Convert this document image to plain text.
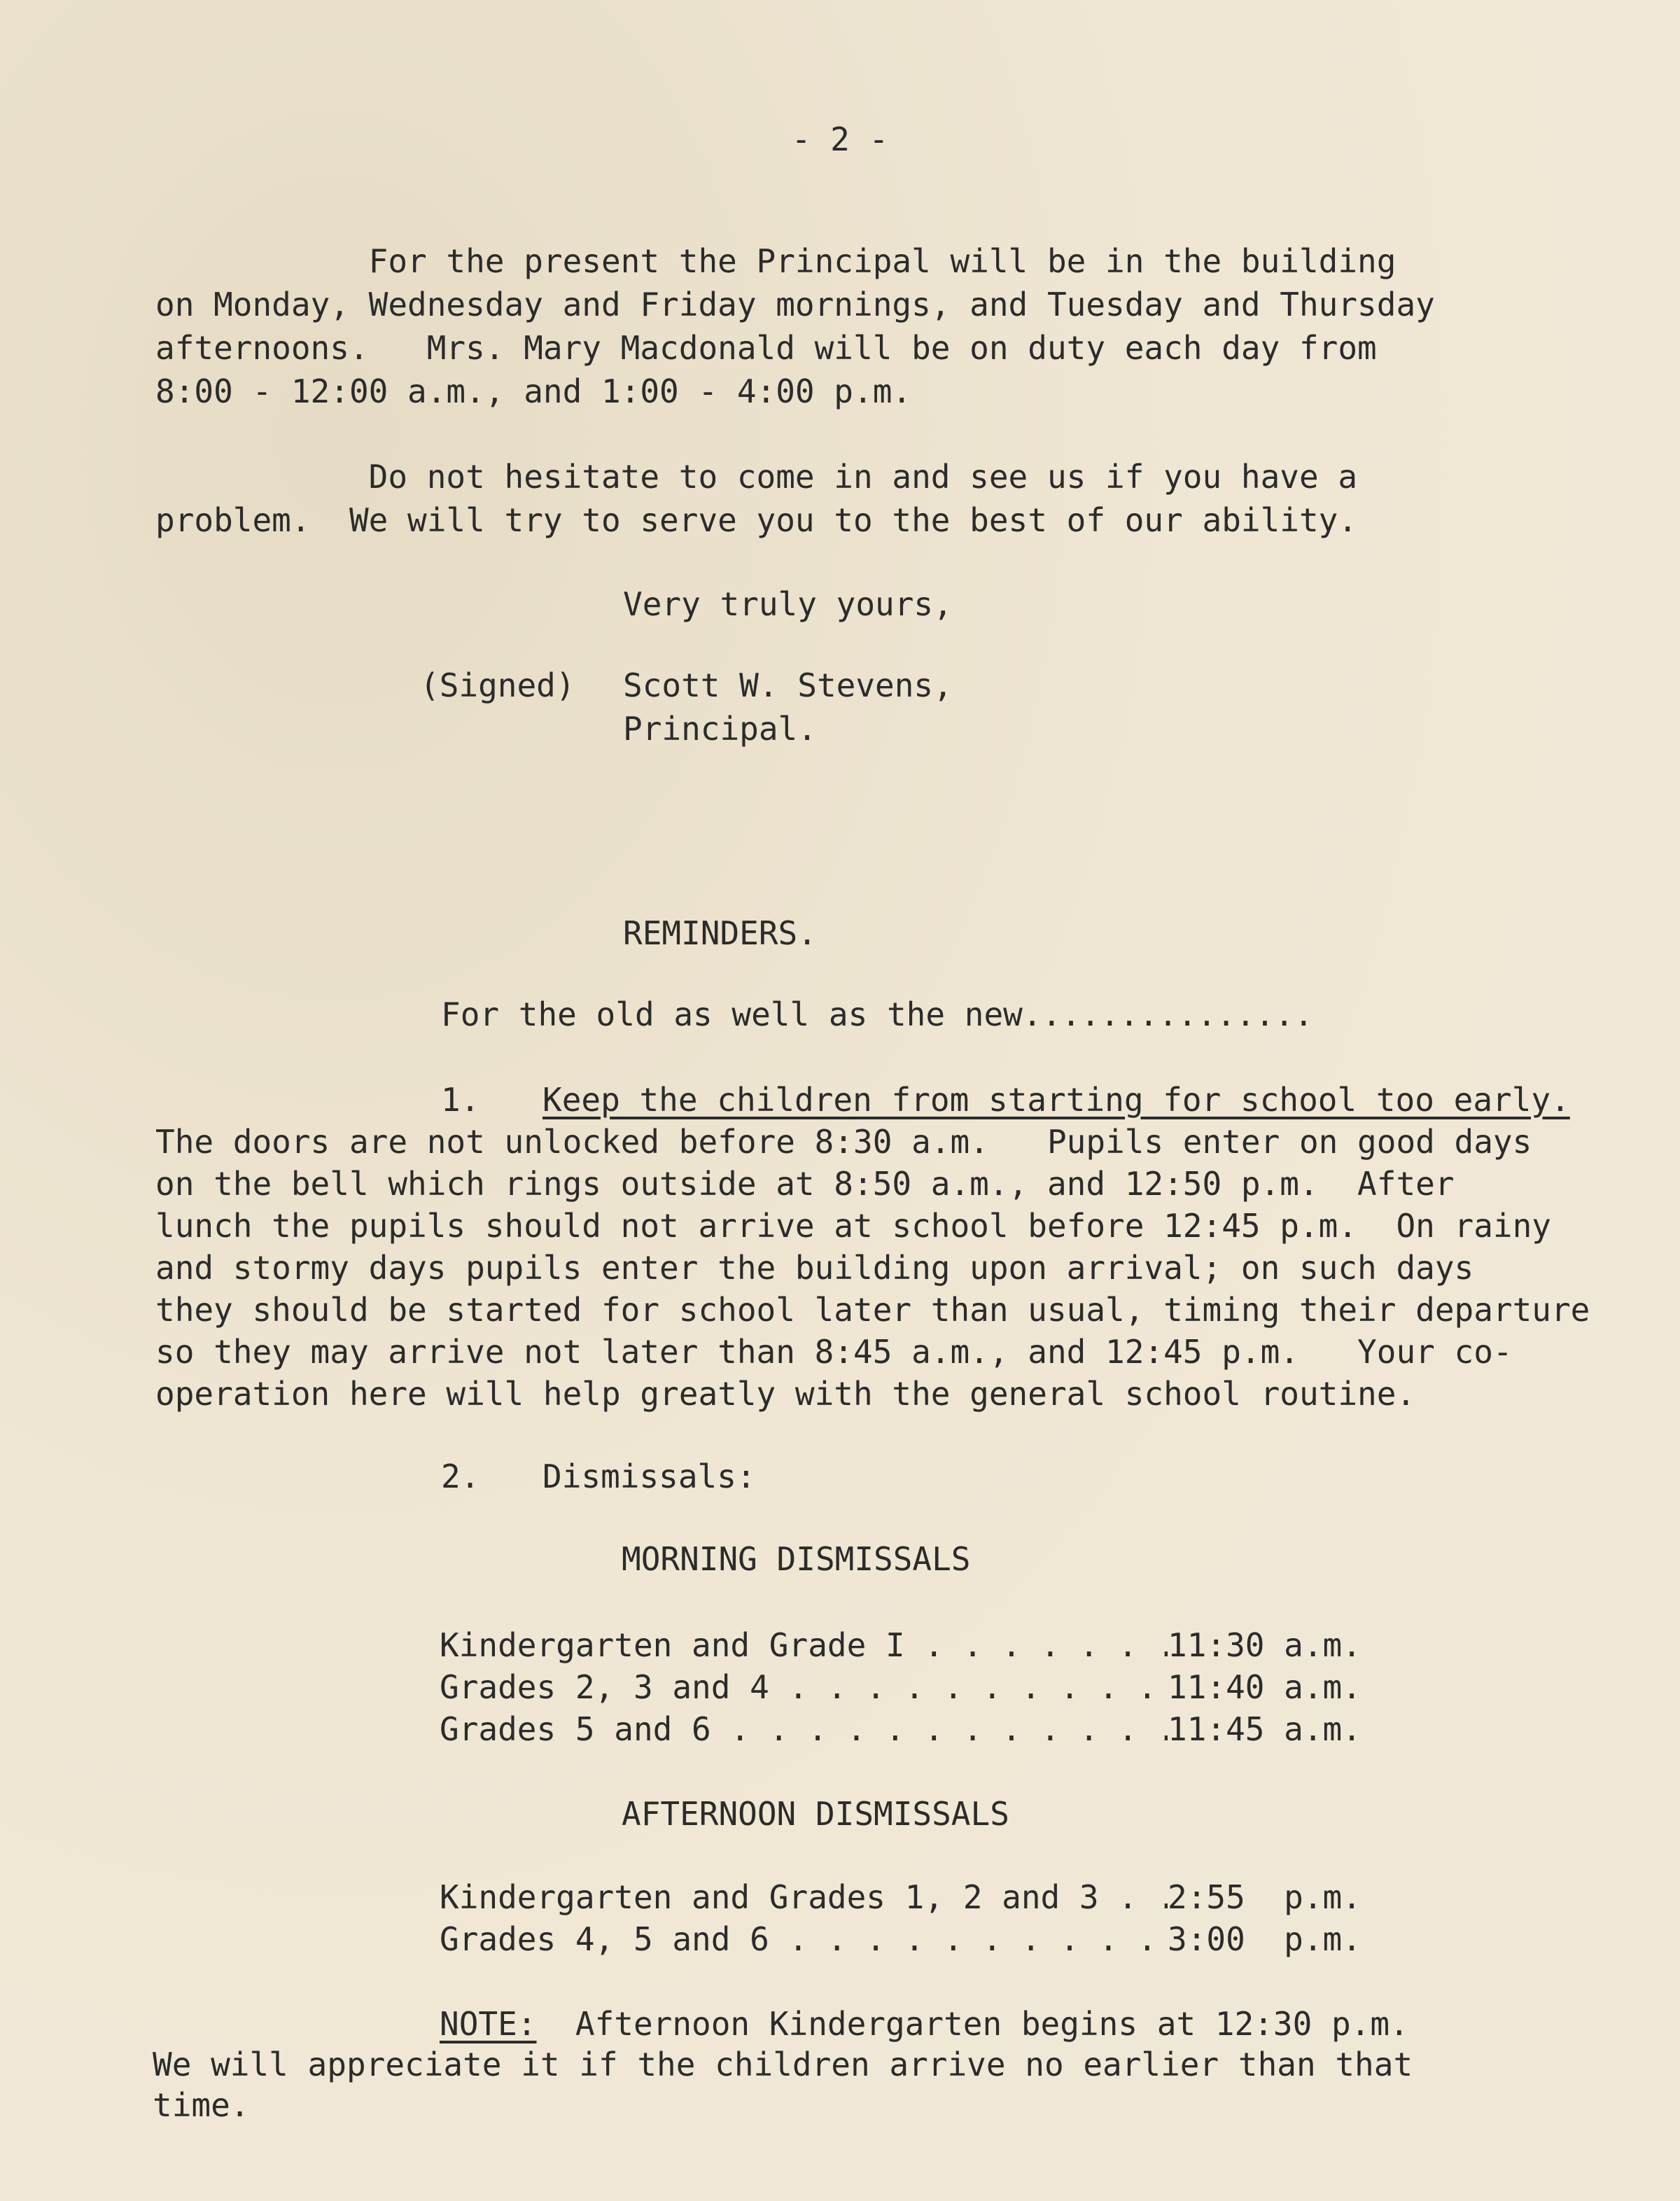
- 2 -
For the present the Principal will be in the building
on Monday, Wednesday and Friday mornings, and Tuesday and Thursday
afternoons.   Mrs. Mary Macdonald will be on duty each day from
8:00 - 12:00 a.m., and 1:00 - 4:00 p.m.
Do not hesitate to come in and see us if you have a
problem.  We will try to serve you to the best of our ability.
Very truly yours,
(Signed) Scott W. Stevens,
Principal.
REMINDERS.
For the old as well as the new...............
1. Keep the children from starting for school too early.
The doors are not unlocked before 8:30 a.m.   Pupils enter on good days
on the bell which rings outside at 8:50 a.m., and 12:50 p.m.  After
lunch the pupils should not arrive at school before 12:45 p.m.  On rainy
and stormy days pupils enter the building upon arrival; on such days
they should be started for school later than usual, timing their departure
so they may arrive not later than 8:45 a.m., and 12:45 p.m.   Your co-
operation here will help greatly with the general school routine.
2. Dismissals:
MORNING DISMISSALS
Kindergarten and Grade I . . .	11:30 a.m.
Grades 2, 3 and 4 . . .	11:40 a.m.
Grades 5 and 6 . . .	11:45 a.m.
AFTERNOON DISMISSALS
Kindergarten and Grades 1, 2 and 3 . . . 2:55  p.m.
Grades 4, 5 and 6 . . .	3:00  p.m.
NOTE:  Afternoon Kindergarten begins at 12:30 p.m.
We will appreciate it if the children arrive no earlier than that
time.
